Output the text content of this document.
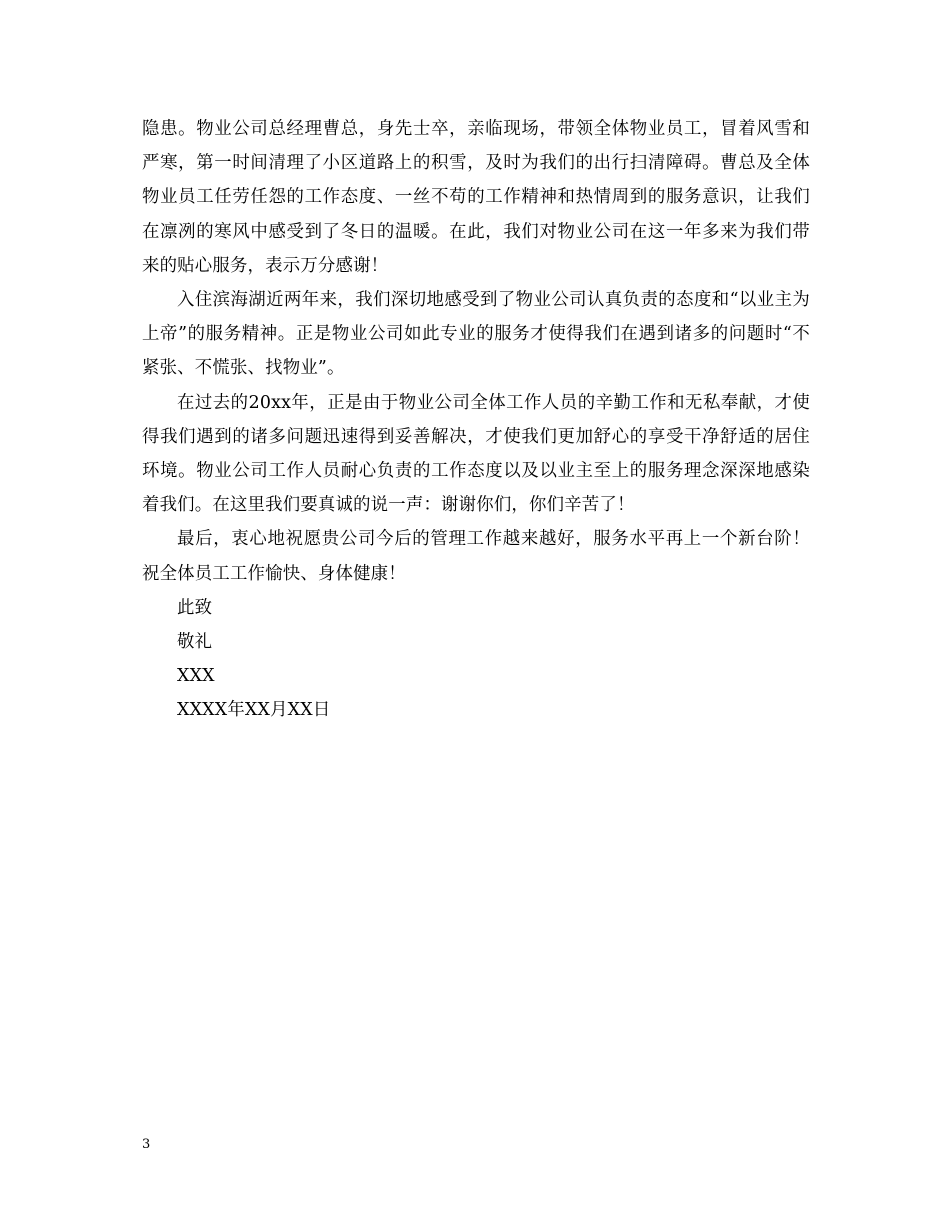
隐患。物业公司总经理曹总，身先士卒，亲临现场，带领全体物业员工，冒着风雪和严寒，第一时间清理了小区道路上的积雪，及时为我们的出行扫清障碍。曹总及全体物业员工任劳任怨的工作态度、一丝不苟的工作精神和热情周到的服务意识，让我们在凛冽的寒风中感受到了冬日的温暖。在此，我们对物业公司在这一年多来为我们带来的贴心服务，表示万分感谢！

入住滨海湖近两年来，我们深切地感受到了物业公司认真负责的态度和“以业主为上帝”的服务精神。正是物业公司如此专业的服务才使得我们在遇到诸多的问题时“不紧张、不慌张、找物业”。

在过去的20xx年，正是由于物业公司全体工作人员的辛勤工作和无私奉献，才使得我们遇到的诸多问题迅速得到妥善解决，才使我们更加舒心的享受干净舒适的居住环境。物业公司工作人员耐心负责的工作态度以及以业主至上的服务理念深深地感染着我们。在这里我们要真诚的说一声：谢谢你们，你们辛苦了！

最后，衷心地祝愿贵公司今后的管理工作越来越好，服务水平再上一个新台阶！祝全体员工工作愉快、身体健康！

此致

敬礼

XXX

XXXX年XX月XX日

3
